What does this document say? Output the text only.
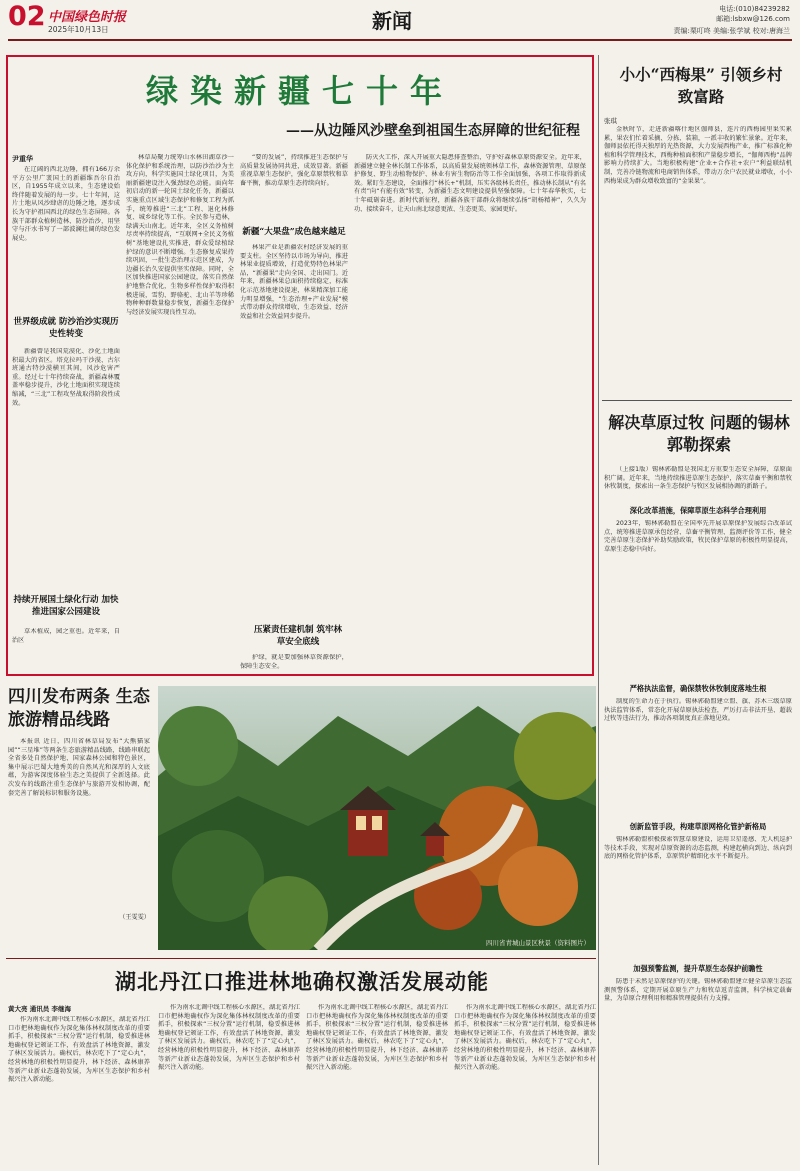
02 中国绿色时报
2025年10月13日	新闻	电话:(010)84239282
邮箱:lsbxw@126.com
责编:栗叮咚 美编:张学斌 校对:唐海兰
绿染新疆七十年
——从边陲风沙壁垒到祖国生态屏障的世纪征程
尹重华

在辽阔的西北边陲，拥有166万余平方公里广袤国土的新疆维吾尔自治区，自1955年成立以来，生态建设始终伴随着发展的每一步。七十年间，这片土地从风沙肆虐的边陲之地，逐步成长为守护祖国西北的绿色生态屏障。各族干部群众植树造林、防沙治沙，用坚守与汗水书写了一部波澜壮阔的绿色发展史。

世界级成就 防沙治沙实现历史性转变

新疆曾是我国荒漠化、沙化土地面积最大的省区。塔克拉玛干沙漠、古尔班通古特沙漠横亘其间，风沙危害严重。经过七十年持续奋战，新疆森林覆盖率稳步提升，沙化土地面积实现连续缩减，“三北”工程攻坚战取得阶段性成效。

持续开展国土绿化行动 加快推进国家公园建设

草木植成，园之重也。近年来，自治区

林草局聚力统筹山水林田湖草沙一体化保护和系统治理，以防沙治沙为主攻方向，科学实施国土绿化项目，为美丽新疆建设注入强劲绿色动能。面向年初启动的新一轮国土绿化任务，新疆以实施重点区域生态保护和修复工程为抓手，统筹推进“三北”工程、退化林修复、城乡绿化等工作。全民参与造林，绿满天山南北。近年来，全区义务植树尽责率持续提高，“互联网+全民义务植树”基地建设扎实推进，群众爱绿植绿护绿的意识不断增强。生态修复成果持续巩固，一批生态治理示范区建成，为边疆长治久安提供坚实保障。同时，全区加快推进国家公园建设，落实自然保护地整合优化，生物多样性保护取得积极进展，雪豹、野骆驼、北山羊等珍稀物种种群数量稳步恢复，新疆生态保护与经济发展实现良性互动。

“要的发展”，持续推进生态保护与高质量发展协同共进，成效显著。新疆重视草原生态保护，强化草原禁牧和草畜平衡，推动草原生态持续向好。

新疆“大果盘”成色越来越足

林果产业是新疆农村经济发展的重要支柱。全区坚持以市场为导向，推进林果业提质增效，打造优势特色林果产品，“新疆果”走向全国、走出国门。近年来，新疆林果总面积持续稳定，标准化示范基地建设提速，林果精深加工能力明显增强，“生态治理+产业发展”模式带动群众持续增收，生态效益、经济效益和社会效益同步提升。

压紧责任建机制 筑牢林草安全底线

护绿，就是要加强林草资源保护，保障生态安全。

防灭火工作，深入开展重大隐患排查整治，守护好森林草原资源安全。近年来，新疆建立健全林长制工作体系，以高质量发展统领林草工作，森林资源管理、草原保护修复、野生动植物保护、林业有害生物防治等工作全面加强，各项工作取得新成效。紧盯生态建设，全面推行“林长+”机制，压实各级林长责任，推动林长制从“有名有责”向“有能有效”转变，为新疆生态文明建设提供坚强保障。七十年春华秋实，七十年砥砺奋进。新时代新征程，新疆各族干部群众将继续弘扬“胡杨精神”，久久为功、接续奋斗，让天山南北绿意更浓、生态更美、家园更好。

小小“西梅果” 引领乡村致富路
张琪

金秋时节，走进新疆喀什地区伽师县，连片的西梅园里果实累累，果农们忙着采摘、分拣、装箱，一派丰收的繁忙景象。近年来，伽师县依托得天独厚的光热资源，大力发展西梅产业，推广标准化种植和科学管理技术，西梅种植面积和产量稳步增长，“伽师西梅”品牌影响力持续扩大。当地积极构建“企业+合作社+农户”利益联结机制，完善冷链物流和电商销售体系，带动万余户农民就业增收，小小西梅果成为群众增收致富的“金果果”。

解决草原过牧 问题的锡林郭勒探索

（上接1版）锡林郭勒盟是我国北方重要生态安全屏障，草原面积广阔。近年来，当地持续推进草原生态保护，落实草畜平衡和禁牧休牧制度，探索出一条生态保护与牧区发展相协调的新路子。

深化改革措施，保障草原生态科学合理利用

2023年，锡林郭勒盟在全国率先开展草原保护发展综合改革试点，统筹推进草原承包经营、草畜平衡管理、监测评价等工作，健全完善草原生态保护补助奖励政策，牧民保护草原的积极性明显提高，草原生态稳中向好。

严格执法监督，确保禁牧休牧制度落地生根

制度的生命力在于执行。锡林郭勒盟建立盟、旗、苏木三级草原执法监管体系，常态化开展草原执法检查，严厉打击非法开垦、超载过牧等违法行为，推动各项制度真正落地见效。

创新监管手段，构建草原网格化管护新格局

锡林郭勒盟积极探索智慧草原建设，运用卫星遥感、无人机巡护等技术手段，实现对草原资源的动态监测，构建起横向到边、纵向到底的网格化管护体系，草原管护精细化水平不断提升。

加强预警监测，提升草原生态保护前瞻性

防患于未然是草原保护的关键。锡林郭勒盟建立健全草原生态监测预警体系，定期开展草原生产力和牧草返青监测，科学核定载畜量，为草原合理利用和精准管理提供有力支撑。

四川发布两条 生态旅游精品线路

本报讯 近日，四川省林草局发布“大熊猫家园”“三星堆”等两条生态旅游精品线路，线路串联起全省多处自然保护地、国家森林公园和特色景区，集中展示巴蜀大地秀美的自然风光和深厚的人文底蕴，为游客深度体验生态之美提供了全新选择。此次发布的线路注重生态保护与旅游开发相协调，配套完善了解说标识和服务设施。

（王雯雯）
四川省青城山景区秋景（资料图片）
湖北丹江口推进林地确权激活发展动能
黄大亮 通讯员 李继海

作为南水北调中线工程核心水源区，湖北省丹江口市把林地确权作为深化集体林权制度改革的重要抓手，积极探索“三权分置”运行机制，稳妥推进林地确权登记颁证工作，有效盘活了林地资源，激发了林区发展活力。确权后，林农吃下了“定心丸”，经营林地的积极性明显提升，林下经济、森林康养等新产业新业态蓬勃发展，为库区生态保护和乡村振兴注入新动能。

作为南水北调中线工程核心水源区，湖北省丹江口市把林地确权作为深化集体林权制度改革的重要抓手，积极探索“三权分置”运行机制，稳妥推进林地确权登记颁证工作，有效盘活了林地资源，激发了林区发展活力。确权后，林农吃下了“定心丸”，经营林地的积极性明显提升，林下经济、森林康养等新产业新业态蓬勃发展，为库区生态保护和乡村振兴注入新动能。

作为南水北调中线工程核心水源区，湖北省丹江口市把林地确权作为深化集体林权制度改革的重要抓手，积极探索“三权分置”运行机制，稳妥推进林地确权登记颁证工作，有效盘活了林地资源，激发了林区发展活力。确权后，林农吃下了“定心丸”，经营林地的积极性明显提升，林下经济、森林康养等新产业新业态蓬勃发展，为库区生态保护和乡村振兴注入新动能。

作为南水北调中线工程核心水源区，湖北省丹江口市把林地确权作为深化集体林权制度改革的重要抓手，积极探索“三权分置”运行机制，稳妥推进林地确权登记颁证工作，有效盘活了林地资源，激发了林区发展活力。确权后，林农吃下了“定心丸”，经营林地的积极性明显提升，林下经济、森林康养等新产业新业态蓬勃发展，为库区生态保护和乡村振兴注入新动能。
